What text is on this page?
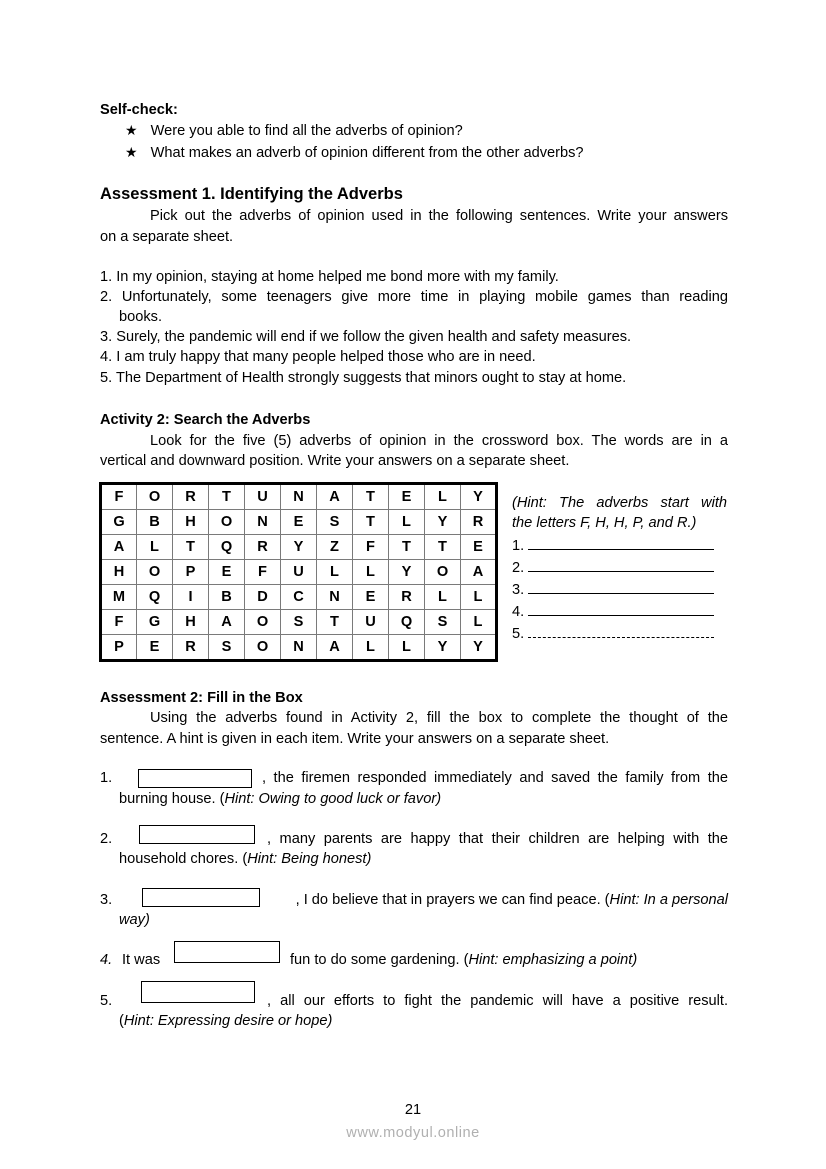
Self-check:
★ Were you able to find all the adverbs of opinion?
★ What makes an adverb of opinion different from the other adverbs?
Assessment 1. Identifying the Adverbs
Pick out the adverbs of opinion used in the following sentences. Write your answers
on a separate sheet.
1. In my opinion, staying at home helped me bond more with my family.
2. Unfortunately, some teenagers give more time in playing mobile games than reading
books.
3. Surely, the pandemic will end if we follow the given health and safety measures.
4. I am truly happy that many people helped those who are in need.
5. The Department of Health strongly suggests that minors ought to stay at home.
Activity 2: Search the Adverbs
Look for the five (5) adverbs of opinion in the crossword box. The words are in a
vertical and downward position. Write your answers on a separate sheet.
F	O	R	T	U	N	A	T	E	L	Y
G	B	H	O	N	E	S	T	L	Y	R
A	L	T	Q	R	Y	Z	F	T	T	E
H	O	P	E	F	U	L	L	Y	O	A
M	Q	I	B	D	C	N	E	R	L	L
F	G	H	A	O	S	T	U	Q	S	L
P	E	R	S	O	N	A	L	L	Y	Y
(Hint: The adverbs start with
the letters F, H, H, P, and R.)
1.
2.
3.
4.
5.
Assessment 2: Fill in the Box
Using the adverbs found in Activity 2, fill the box to complete the thought of the
sentence. A hint is given in each item. Write your answers on a separate sheet.
1.	, the firemen responded immediately and saved the family from the
burning house. (Hint: Owing to good luck or favor)
2.	, many parents are happy that their children are helping with the
household chores. (Hint: Being honest)
3.	, I do believe that in prayers we can find peace. (Hint: In a personal
way)
4. It was	fun to do some gardening. (Hint: emphasizing a point)
5.	, all our efforts to fight the pandemic will have a positive result.
(Hint: Expressing desire or hope)
21
www.modyul.online
